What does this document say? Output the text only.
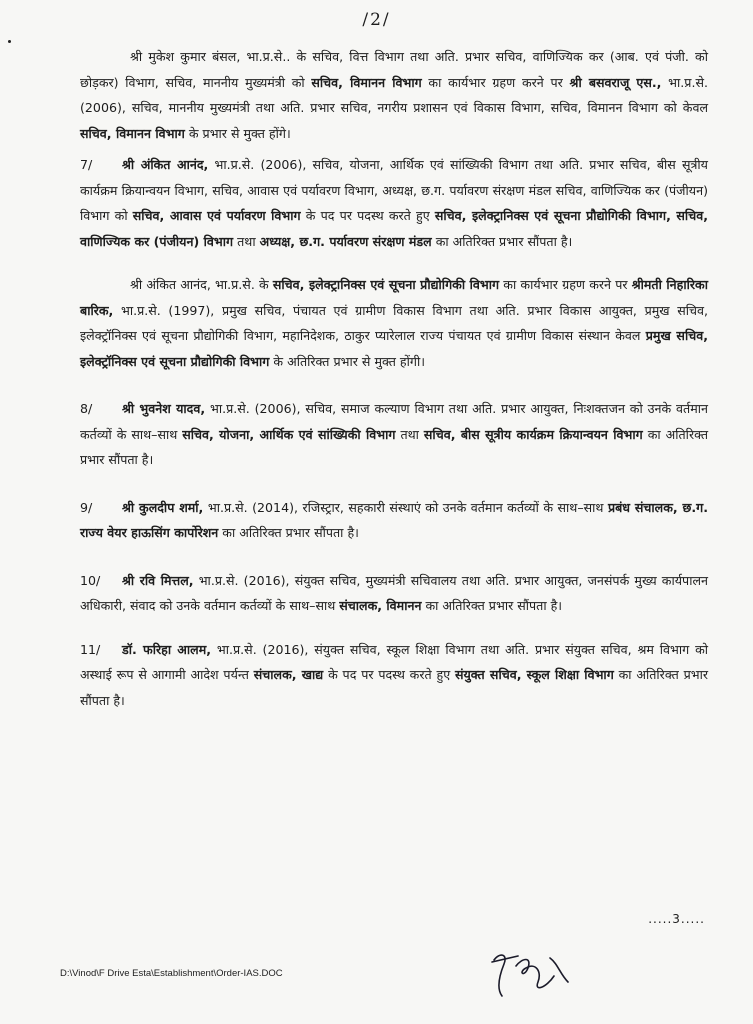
/2/

श्री मुकेश कुमार बंसल, भा.प्र.से.. के सचिव, वित्त विभाग तथा अति. प्रभार सचिव, वाणिज्यिक कर (आब. एवं पंजी. को छोड़कर) विभाग, सचिव, माननीय मुख्यमंत्री को सचिव, विमानन विभाग का कार्यभार ग्रहण करने पर श्री बसवराजू एस., भा.प्र.से. (2006), सचिव, माननीय मुख्यमंत्री तथा अति. प्रभार सचिव, नगरीय प्रशासन एवं विकास विभाग, सचिव, विमानन विभाग को केवल सचिव, विमानन विभाग के प्रभार से मुक्त होंगे।

7/ श्री अंकित आनंद, भा.प्र.से. (2006), सचिव, योजना, आर्थिक एवं सांख्यिकी विभाग तथा अति. प्रभार सचिव, बीस सूत्रीय कार्यक्रम क्रियान्वयन विभाग, सचिव, आवास एवं पर्यावरण विभाग, अध्यक्ष, छ.ग. पर्यावरण संरक्षण मंडल सचिव, वाणिज्यिक कर (पंजीयन) विभाग को सचिव, आवास एवं पर्यावरण विभाग के पद पर पदस्थ करते हुए सचिव, इलेक्ट्रानिक्स एवं सूचना प्रौद्योगिकी विभाग, सचिव, वाणिज्यिक कर (पंजीयन) विभाग तथा अध्यक्ष, छ.ग. पर्यावरण संरक्षण मंडल का अतिरिक्त प्रभार सौंपता है।

श्री अंकित आनंद, भा.प्र.से. के सचिव, इलेक्ट्रानिक्स एवं सूचना प्रौद्योगिकी विभाग का कार्यभार ग्रहण करने पर श्रीमती निहारिका बारिक, भा.प्र.से. (1997), प्रमुख सचिव, पंचायत एवं ग्रामीण विकास विभाग तथा अति. प्रभार विकास आयुक्त, प्रमुख सचिव, इलेक्ट्रॉनिक्स एवं सूचना प्रौद्योगिकी विभाग, महानिदेशक, ठाकुर प्यारेलाल राज्य पंचायत एवं ग्रामीण विकास संस्थान केवल प्रमुख सचिव, इलेक्ट्रॉनिक्स एवं सूचना प्रौद्योगिकी विभाग के अतिरिक्त प्रभार से मुक्त होंगी।

8/ श्री भुवनेश यादव, भा.प्र.से. (2006), सचिव, समाज कल्याण विभाग तथा अति. प्रभार आयुक्त, निःशक्तजन को उनके वर्तमान कर्तव्यों के साथ–साथ सचिव, योजना, आर्थिक एवं सांख्यिकी विभाग तथा सचिव, बीस सूत्रीय कार्यक्रम क्रियान्वयन विभाग का अतिरिक्त प्रभार सौंपता है।

9/ श्री कुलदीप शर्मा, भा.प्र.से. (2014), रजिस्ट्रार, सहकारी संस्थाएं को उनके वर्तमान कर्तव्यों के साथ–साथ प्रबंध संचालक, छ.ग. राज्य वेयर हाऊसिंग कार्पोरेशन का अतिरिक्त प्रभार सौंपता है।

10/ श्री रवि मित्तल, भा.प्र.से. (2016), संयुक्त सचिव, मुख्यमंत्री सचिवालय तथा अति. प्रभार आयुक्त, जनसंपर्क मुख्य कार्यपालन अधिकारी, संवाद को उनके वर्तमान कर्तव्यों के साथ–साथ संचालक, विमानन का अतिरिक्त प्रभार सौंपता है।

11/ डॉ. फरिहा आलम, भा.प्र.से. (2016), संयुक्त सचिव, स्कूल शिक्षा विभाग तथा अति. प्रभार संयुक्त सचिव, श्रम विभाग को अस्थाई रूप से आगामी आदेश पर्यन्त संचालक, खाद्य के पद पर पदस्थ करते हुए संयुक्त सचिव, स्कूल शिक्षा विभाग का अतिरिक्त प्रभार सौंपता है।

.....3.....
D:\Vinod\F Drive Esta\Establishment\Order-IAS.DOC
